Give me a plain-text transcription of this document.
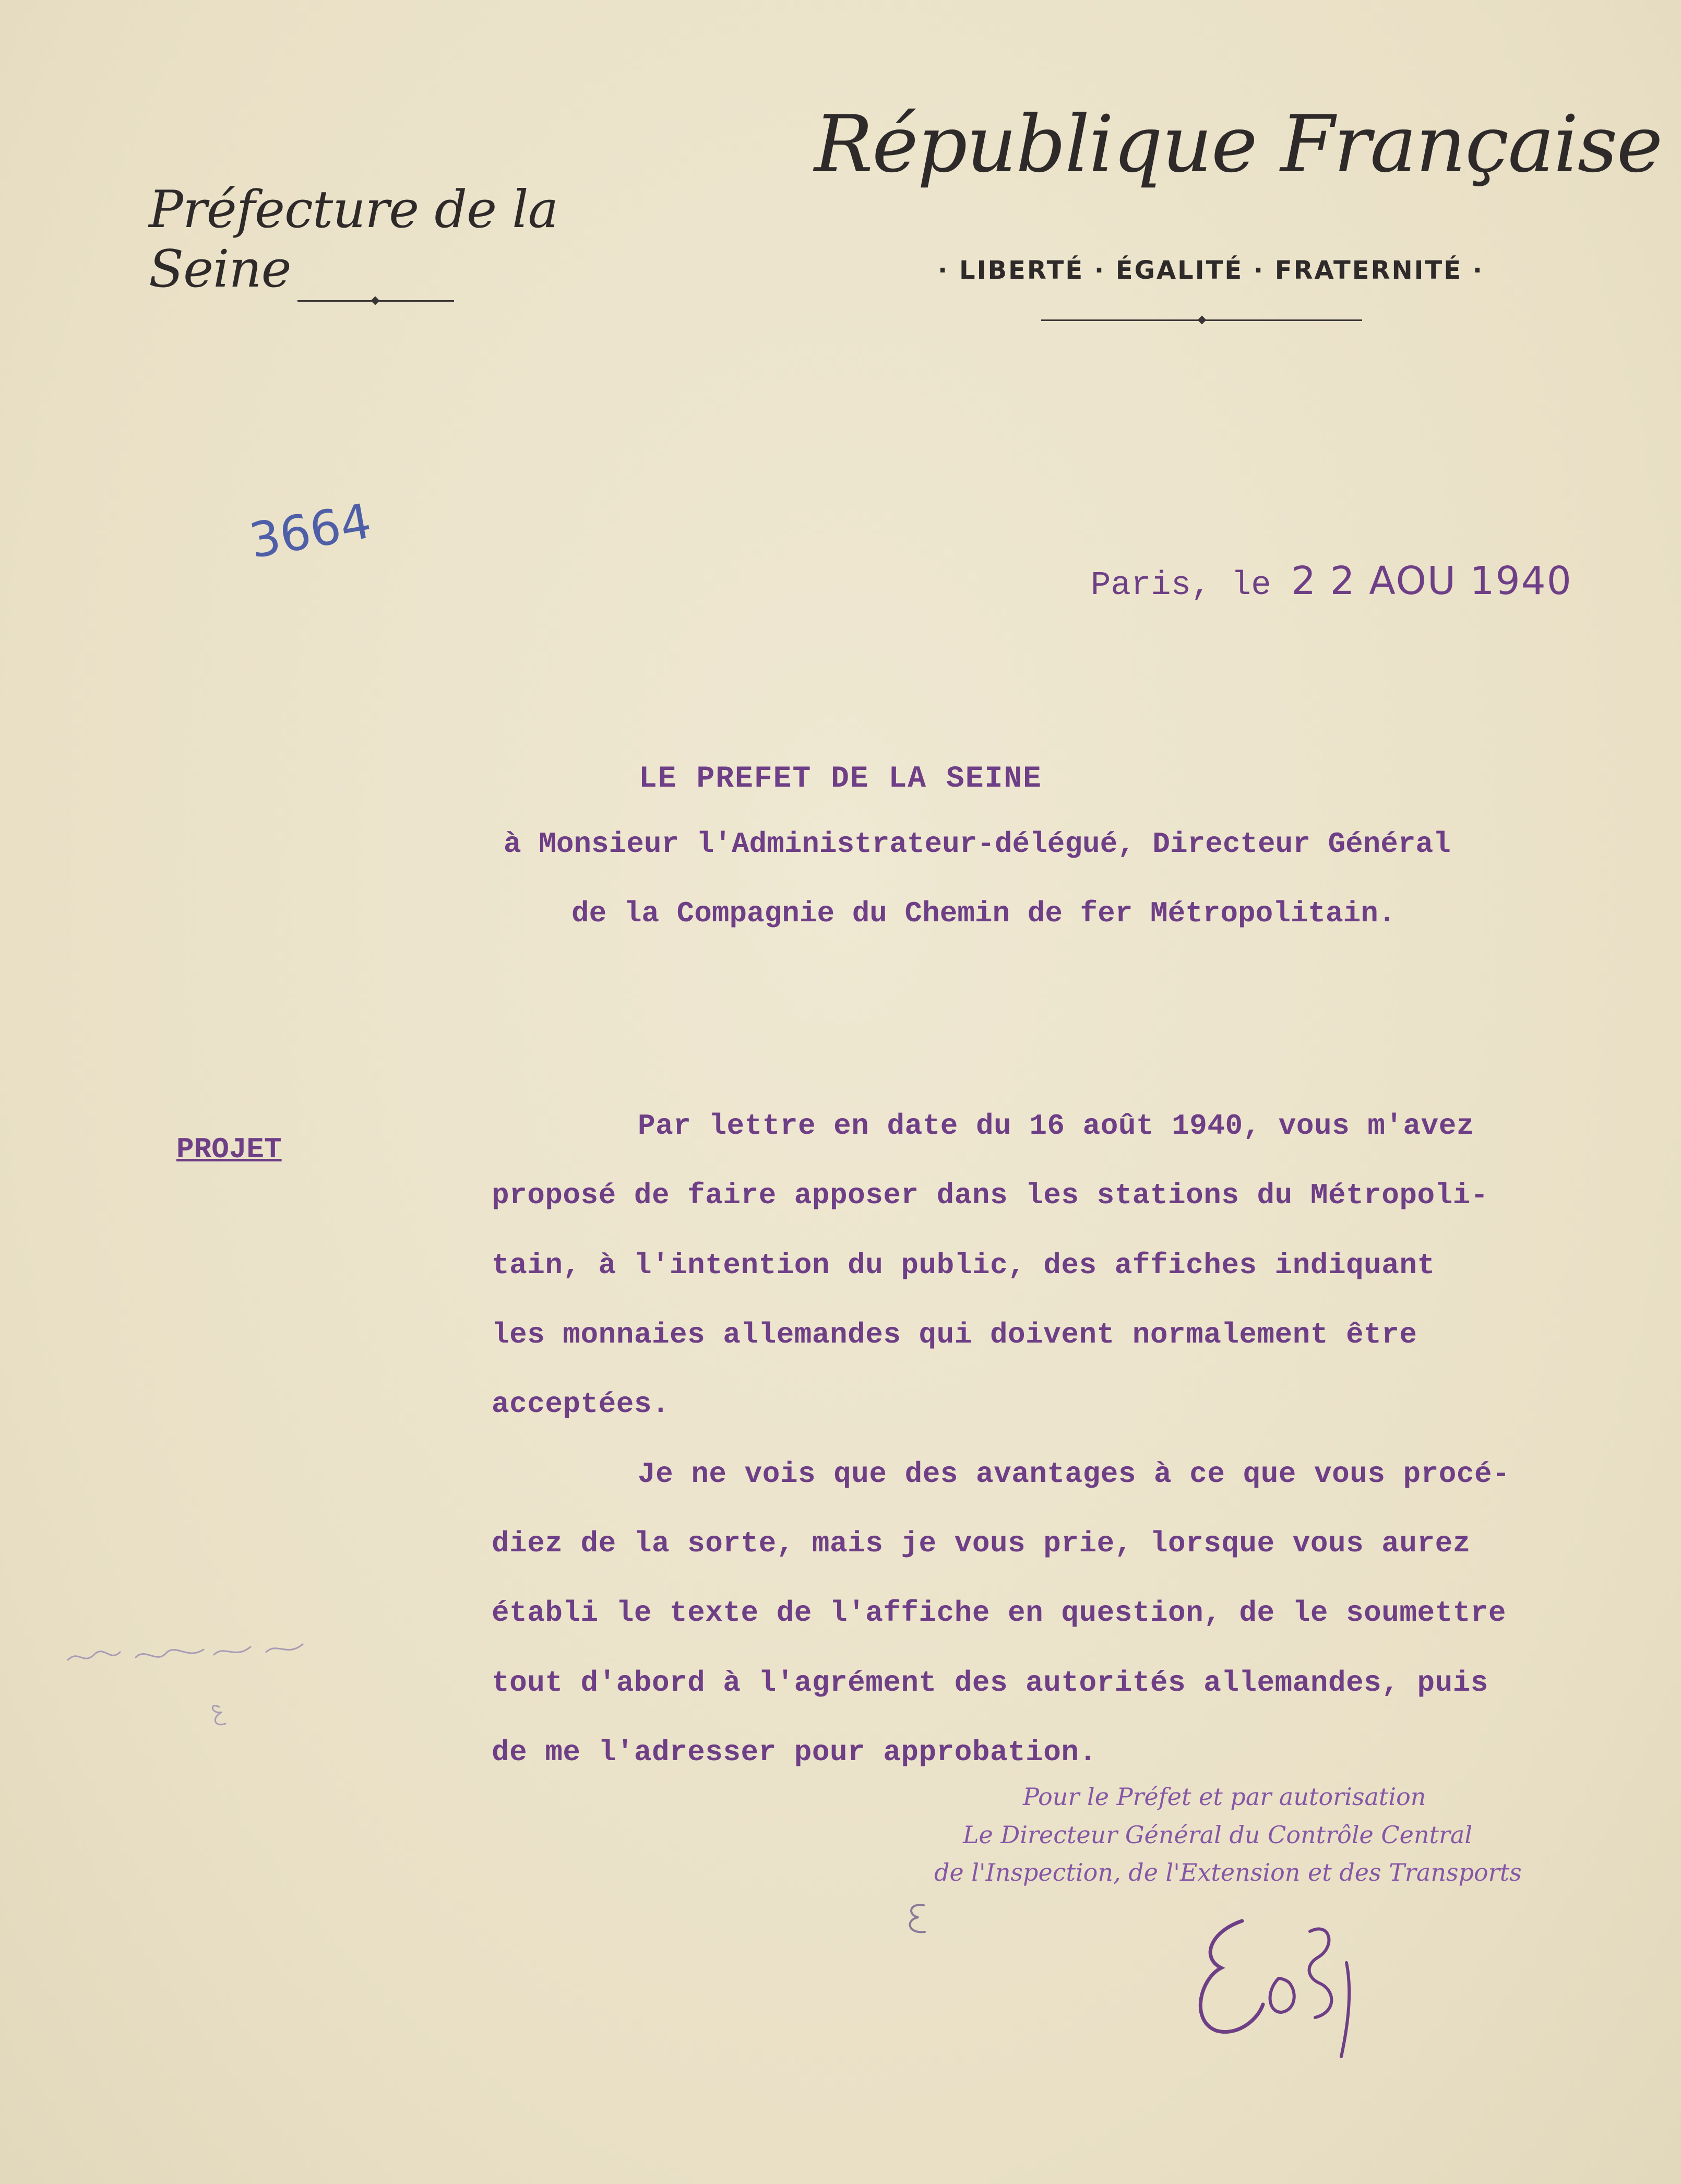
Préfecture de la Seine
République Française
· LIBERTÉ · ÉGALITÉ · FRATERNITÉ ·
3664
Paris, le 2 2 AOU 1940
LE PREFET DE LA SEINE
à Monsieur l'Administrateur-délégué, Directeur Général
de la Compagnie du Chemin de fer Métropolitain.
PROJET
Par lettre en date du 16 août 1940, vous m'avez
proposé de faire apposer dans les stations du Métropoli-
tain, à l'intention du public, des affiches indiquant
les monnaies allemandes qui doivent normalement être
acceptées.
Je ne vois que des avantages à ce que vous procé-
diez de la sorte, mais je vous prie, lorsque vous aurez
établi le texte de l'affiche en question, de le soumettre
tout d'abord à l'agrément des autorités allemandes, puis
de me l'adresser pour approbation.
Pour le Préfet et par autorisation
Le Directeur Général du Contrôle Central
de l'Inspection, de l'Extension et des Transports
